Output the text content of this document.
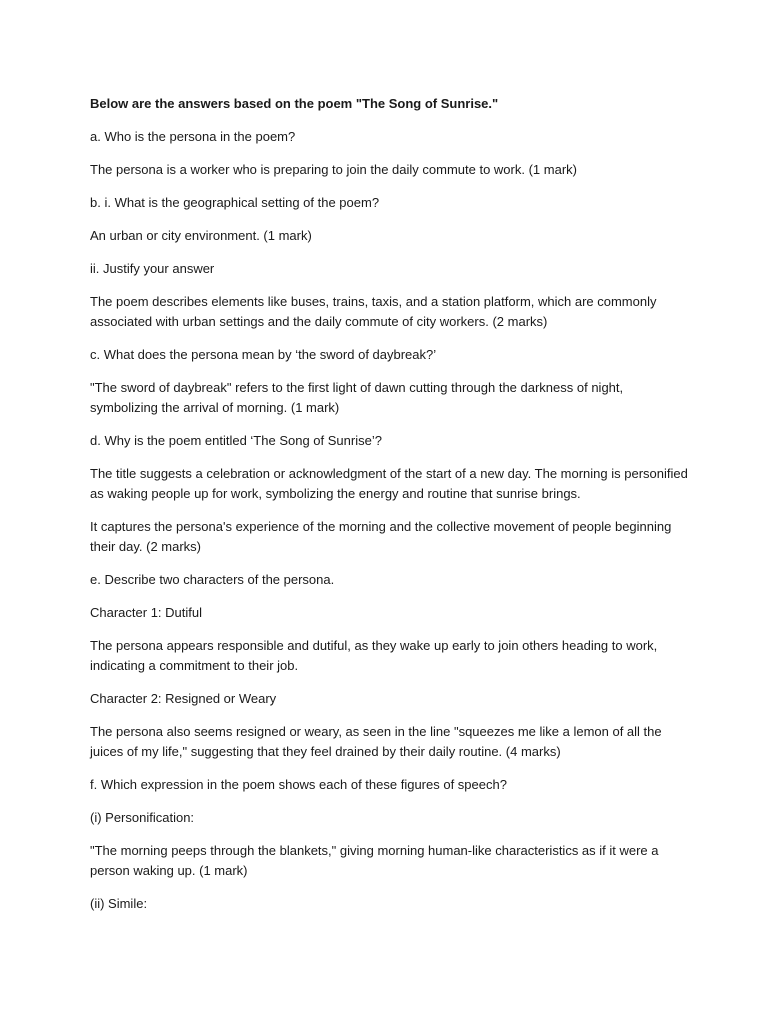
Below are the answers based on the poem "The Song of Sunrise."

a. Who is the persona in the poem?

The persona is a worker who is preparing to join the daily commute to work. (1 mark)

b. i. What is the geographical setting of the poem?

An urban or city environment. (1 mark)

ii. Justify your answer

The poem describes elements like buses, trains, taxis, and a station platform, which are commonly associated with urban settings and the daily commute of city workers. (2 marks)

c. What does the persona mean by ‘the sword of daybreak?’

"The sword of daybreak" refers to the first light of dawn cutting through the darkness of night, symbolizing the arrival of morning. (1 mark)

d. Why is the poem entitled ‘The Song of Sunrise’?

The title suggests a celebration or acknowledgment of the start of a new day. The morning is personified as waking people up for work, symbolizing the energy and routine that sunrise brings.

It captures the persona's experience of the morning and the collective movement of people beginning their day. (2 marks)

e. Describe two characters of the persona.

Character 1: Dutiful

The persona appears responsible and dutiful, as they wake up early to join others heading to work, indicating a commitment to their job.

Character 2: Resigned or Weary

The persona also seems resigned or weary, as seen in the line "squeezes me like a lemon of all the juices of my life," suggesting that they feel drained by their daily routine. (4 marks)

f. Which expression in the poem shows each of these figures of speech?

(i) Personification:

"The morning peeps through the blankets," giving morning human-like characteristics as if it were a person waking up. (1 mark)

(ii) Simile:
